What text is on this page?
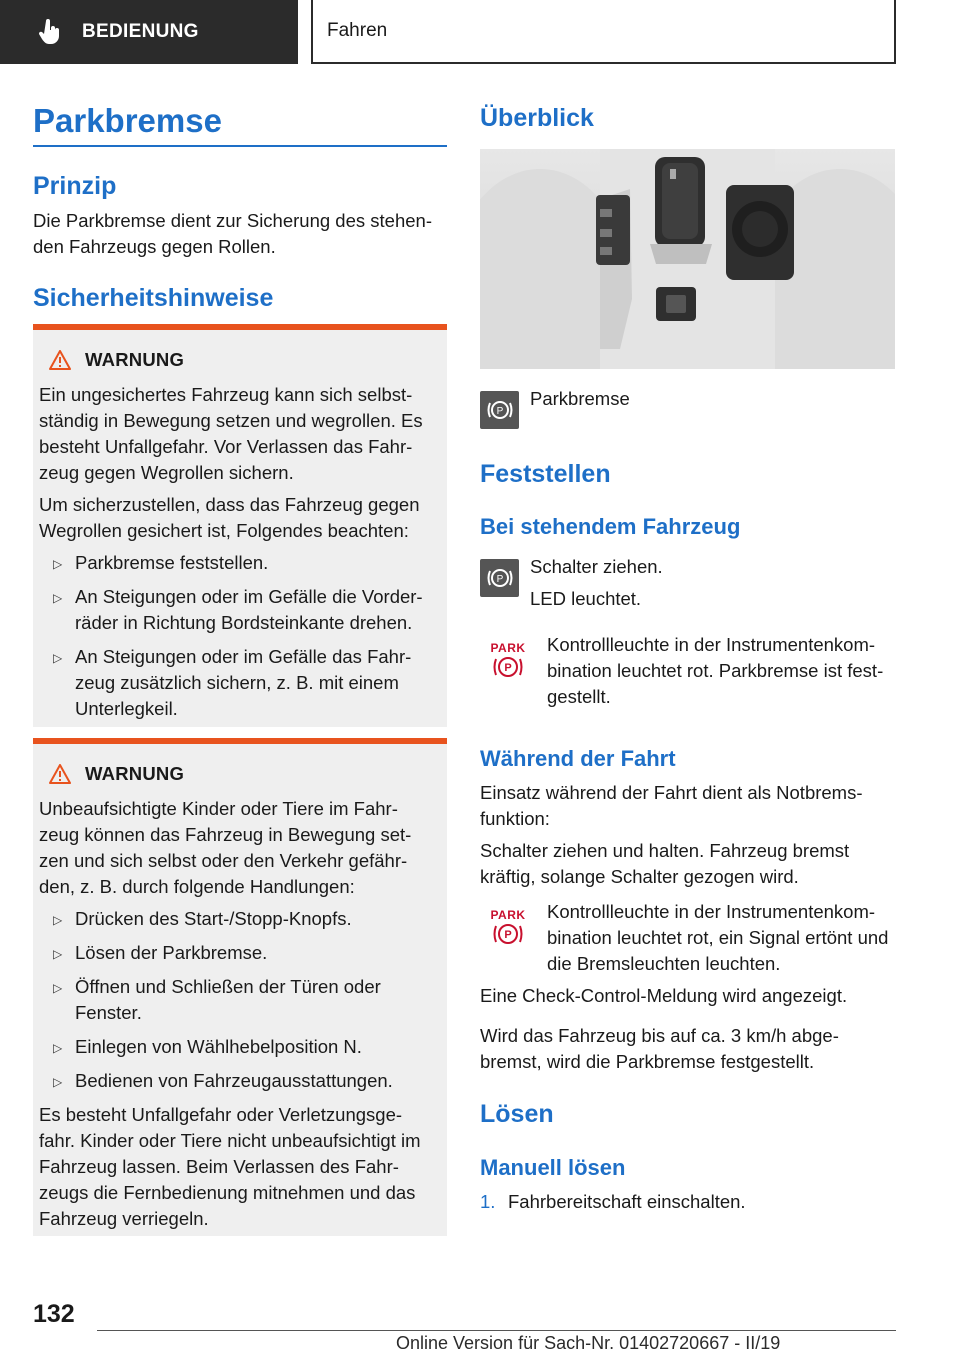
BEDIENUNG	Fahren
Parkbremse
Prinzip
Die Parkbremse dient zur Sicherung des stehen-den Fahrzeugs gegen Rollen.
Sicherheitshinweise
WARNUNG

Ein ungesichertes Fahrzeug kann sich selbst-ständig in Bewegung setzen und wegrollen. Es besteht Unfallgefahr. Vor Verlassen das Fahr-zeug gegen Wegrollen sichern.

Um sicherzustellen, dass das Fahrzeug gegen Wegrollen gesichert ist, Folgendes beachten:

▷ Parkbremse feststellen.
▷ An Steigungen oder im Gefälle die Vorder-räder in Richtung Bordsteinkante drehen.
▷ An Steigungen oder im Gefälle das Fahr-zeug zusätzlich sichern, z. B. mit einem Unterlegkeil.
WARNUNG

Unbeaufsichtigte Kinder oder Tiere im Fahr-zeug können das Fahrzeug in Bewegung set-zen und sich selbst oder den Verkehr gefähr-den, z. B. durch folgende Handlungen:

▷ Drücken des Start-/Stopp-Knopfs.
▷ Lösen der Parkbremse.
▷ Öffnen und Schließen der Türen oder Fenster.
▷ Einlegen von Wählhebelposition N.
▷ Bedienen von Fahrzeugausstattungen.

Es besteht Unfallgefahr oder Verletzungsge-fahr. Kinder oder Tiere nicht unbeaufsichtigt im Fahrzeug lassen. Beim Verlassen des Fahr-zeugs die Fernbedienung mitnehmen und das Fahrzeug verriegeln.

Überblick
P
Parkbremse
Feststellen
Bei stehendem Fahrzeug
P
Schalter ziehen.
LED leuchtet.
PARK
P
Kontrollleuchte in der Instrumentenkom-bination leuchtet rot. Parkbremse ist fest-gestellt.
Während der Fahrt
Einsatz während der Fahrt dient als Notbrems-funktion:
Schalter ziehen und halten. Fahrzeug bremst kräftig, solange Schalter gezogen wird.
PARK
P
Kontrollleuchte in der Instrumentenkom-bination leuchtet rot, ein Signal ertönt und die Bremsleuchten leuchten.
Eine Check-Control-Meldung wird angezeigt.
Wird das Fahrzeug bis auf ca. 3 km/h abge-bremst, wird die Parkbremse festgestellt.
Lösen
Manuell lösen
1. Fahrbereitschaft einschalten.
132
Online Version für Sach-Nr. 01402720667 - II/19
